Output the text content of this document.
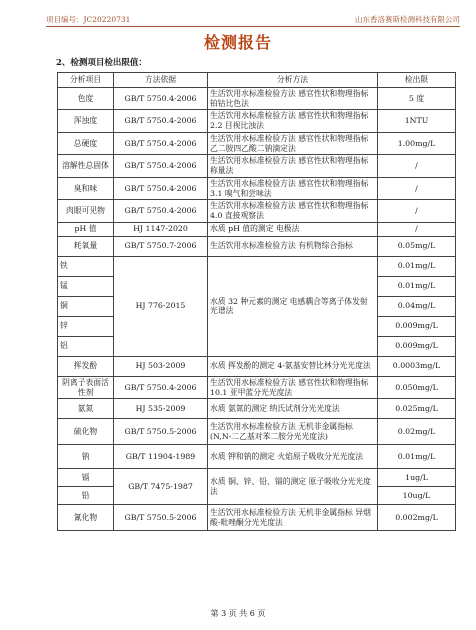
项目编号：JC20220731	山东香洛赛斯检测科技有限公司
检测报告
2、检测项目检出限值：
分析项目	方法依据	分析方法	检出限
色度	GB/T 5750.4-2006	生活饮用水标准检验方法 感官性状和物理指标 铂钴比色法	5 度
浑浊度	GB/T 5750.4-2006	生活饮用水标准检验方法 感官性状和物理指标 2.2 目视比浊法	1NTU
总硬度	GB/T 5750.4-2006	生活饮用水标准检验方法 感官性状和物理指标 乙二胺四乙酸二钠滴定法	1.00mg/L
溶解性总固体	GB/T 5750.4-2006	生活饮用水标准检验方法 感官性状和物理指标 称量法	/
臭和味	GB/T 5750.4-2006	生活饮用水标准检验方法 感官性状和物理指标 3.1 嗅气和尝味法	/
肉眼可见物	GB/T 5750.4-2006	生活饮用水标准检验方法 感官性状和物理指标 4.0 直接观察法	/
pH 值	HJ 1147-2020	水质 pH 值的测定 电极法	/
耗氧量	GB/T 5750.7-2006	生活饮用水标准检验方法 有机物综合指标	0.05mg/L
铁	HJ 776-2015	水质 32 种元素的测定 电感耦合等离子体发射光谱法	0.01mg/L
锰			0.01mg/L
铜			0.04mg/L
锌			0.009mg/L
铝			0.009mg/L
挥发酚	HJ 503-2009	水质 挥发酚的测定 4-氨基安替比林分光光度法	0.0003mg/L
阴离子表面活性剂	GB/T 5750.4-2006	生活饮用水标准检验方法 感官性状和物理指标 10.1 亚甲蓝分光光度法	0.050mg/L
氨氮	HJ 535-2009	水质 氨氮的测定 纳氏试剂分光光度法	0.025mg/L
硫化物	GB/T 5750.5-2006	生活饮用水标准检验方法 无机非金属指标 (N,N-二乙基对苯二胺分光光度法)	0.02mg/L
钠	GB/T 11904-1989	水质 钾和钠的测定 火焰原子吸收分光光度法	0.01mg/L
镉	GB/T 7475-1987	水质 铜、锌、铅、镉的测定 原子吸收分光光度法	1ug/L
铅			10ug/L
氰化物	GB/T 5750.5-2006	生活饮用水标准检验方法 无机非金属指标 异烟酸-吡唑酮分光光度法	0.002mg/L
第 3 页 共 6 页
